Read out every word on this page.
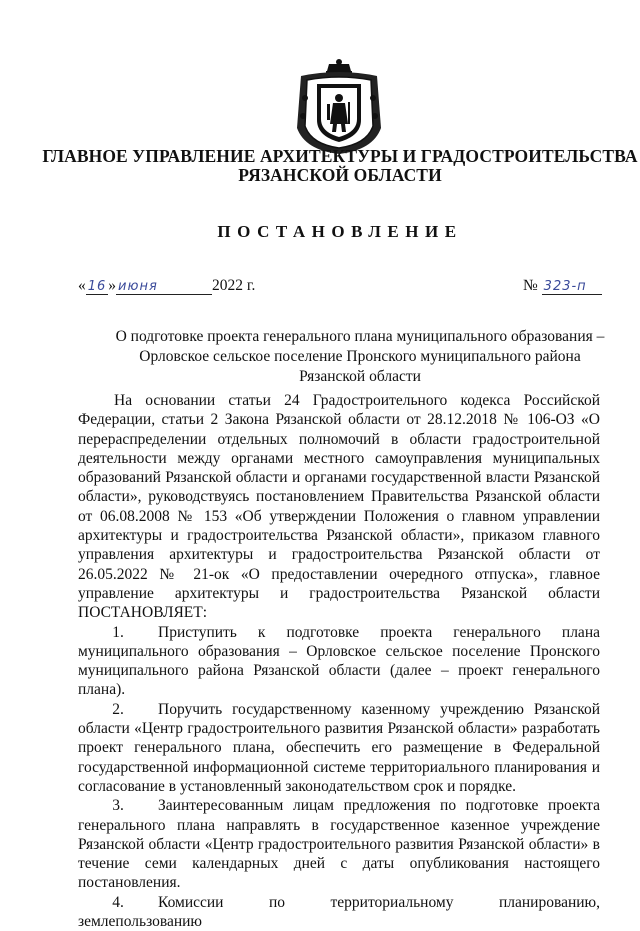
ГЛАВНОЕ УПРАВЛЕНИЕ АРХИТЕКТУРЫ И ГРАДОСТРОИТЕЛЬСТВА
РЯЗАНСКОЙ ОБЛАСТИ
ПОСТАНОВЛЕНИЕ
« 16 » июня	2022 г.	№ 323-п
О подготовке проекта генерального плана муниципального образования –
Орловское сельское поселение Пронского муниципального района
Рязанской области

На основании статьи 24 Градостроительного кодекса Российской Федерации, статьи 2 Закона Рязанской области от 28.12.2018 № 106-ОЗ «О перераспределении отдельных полномочий в области градостроительной деятельности между органами местного самоуправления муниципальных образований Рязанской области и органами государственной власти Рязанской области», руководствуясь постановлением Правительства Рязанской области от 06.08.2008 № 153 «Об утверждении Положения о главном управлении архитектуры и градостроительства Рязанской области», приказом главного управления архитектуры и градостроительства Рязанской области от 26.05.2022 № 21-ок «О предоставлении очередного отпуска», главное управление архитектуры и градостроительства Рязанской области ПОСТАНОВЛЯЕТ:

1. Приступить к подготовке проекта генерального плана муниципального образования – Орловское сельское поселение Пронского муниципального района Рязанской области (далее – проект генерального плана).

2. Поручить государственному казенному учреждению Рязанской области «Центр градостроительного развития Рязанской области» разработать проект генерального плана, обеспечить его размещение в Федеральной государственной информационной системе территориального планирования и согласование в установленный законодательством срок и порядке.

3. Заинтересованным лицам предложения по подготовке проекта генерального плана направлять в государственное казенное учреждение Рязанской области «Центр градостроительного развития Рязанской области» в течение семи календарных дней с даты опубликования настоящего постановления.

4. Комиссии по территориальному планированию, землепользованию
